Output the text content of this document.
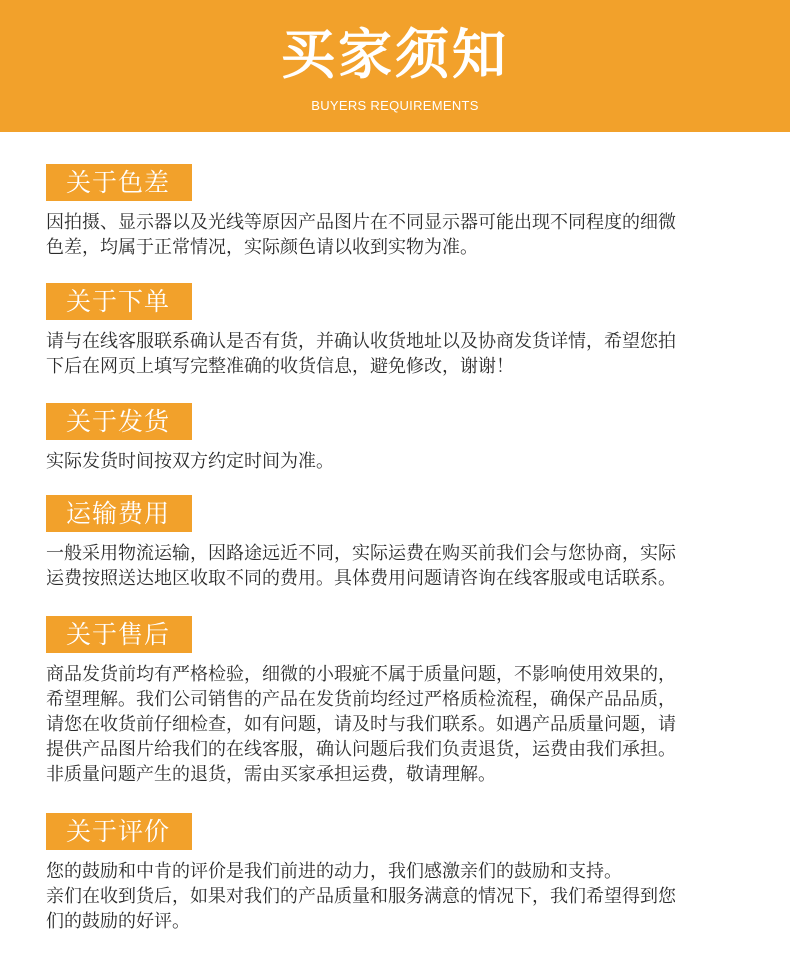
买家须知
BUYERS REQUIREMENTS
关于色差
因拍摄、显示器以及光线等原因产品图片在不同显示器可能出现不同程度的细微
色差，均属于正常情况，实际颜色请以收到实物为准。
关于下单
请与在线客服联系确认是否有货，并确认收货地址以及协商发货详情，希望您拍
下后在网页上填写完整准确的收货信息，避免修改，谢谢！
关于发货
实际发货时间按双方约定时间为准。
运输费用
一般采用物流运输，因路途远近不同，实际运费在购买前我们会与您协商，实际
运费按照送达地区收取不同的费用。具体费用问题请咨询在线客服或电话联系。
关于售后
商品发货前均有严格检验，细微的小瑕疵不属于质量问题，不影响使用效果的，
希望理解。我们公司销售的产品在发货前均经过严格质检流程，确保产品品质，
请您在收货前仔细检查，如有问题，请及时与我们联系。如遇产品质量问题，请
提供产品图片给我们的在线客服，确认问题后我们负责退货，运费由我们承担。
非质量问题产生的退货，需由买家承担运费，敬请理解。
关于评价
您的鼓励和中肯的评价是我们前进的动力，我们感激亲们的鼓励和支持。
亲们在收到货后，如果对我们的产品质量和服务满意的情况下，我们希望得到您
们的鼓励的好评。
